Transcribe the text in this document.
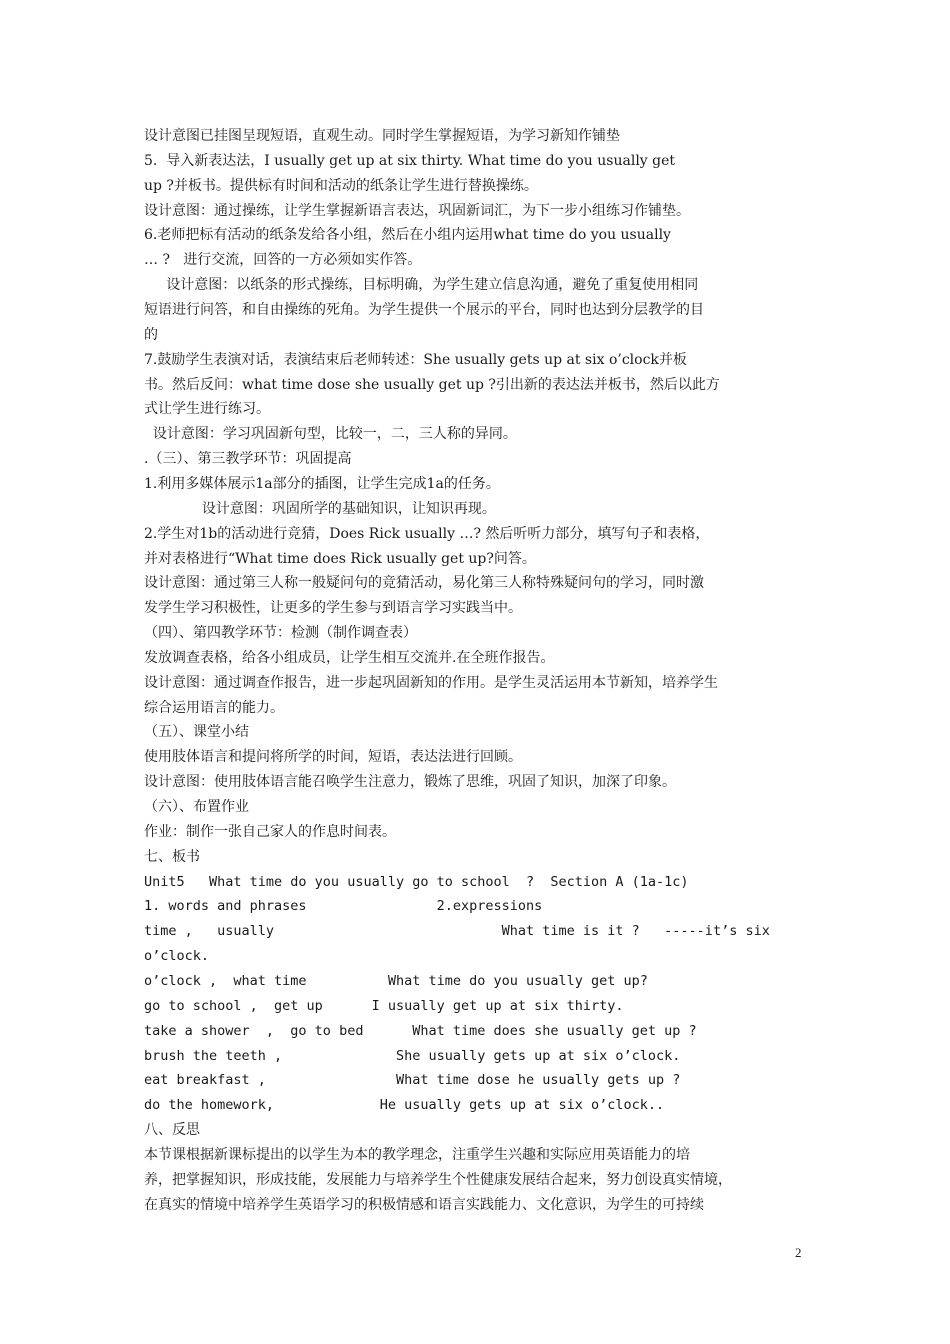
设计意图已挂图呈现短语，直观生动。同时学生掌握短语，为学习新知作铺垫
5.  导入新表达法，I usually get up at six thirty. What time do you usually get
up ?并板书。提供标有时间和活动的纸条让学生进行替换操练。
设计意图：通过操练，让学生掌握新语言表达，巩固新词汇，为下一步小组练习作铺垫。
6.老师把标有活动的纸条发给各小组，然后在小组内运用what time do you usually
… ?   进行交流，回答的一方必须如实作答。
设计意图：以纸条的形式操练，目标明确，为学生建立信息沟通，避免了重复使用相同
短语进行问答，和自由操练的死角。为学生提供一个展示的平台，同时也达到分层教学的目
的
7.鼓励学生表演对话，表演结束后老师转述：She usually gets up at six o’clock并板
书。然后反问：what time dose she usually get up ?引出新的表达法并板书，然后以此方
式让学生进行练习。
设计意图：学习巩固新句型，比较一，二，三人称的异同。
.（三）、第三教学环节：巩固提高
1.利用多媒体展示1a部分的插图，让学生完成1a的任务。
设计意图：巩固所学的基础知识，让知识再现。
2.学生对1b的活动进行竞猜，Does Rick usually …? 然后听听力部分，填写句子和表格，
并对表格进行“What time does Rick usually get up?问答。
设计意图：通过第三人称一般疑问句的竞猜活动，易化第三人称特殊疑问句的学习，同时激
发学生学习积极性，让更多的学生参与到语言学习实践当中。
（四）、第四教学环节：检测（制作调查表）
发放调查表格，给各小组成员，让学生相互交流并.在全班作报告。
设计意图：通过调查作报告，进一步起巩固新知的作用。是学生灵活运用本节新知，培养学生
综合运用语言的能力。
（五）、课堂小结
使用肢体语言和提问将所学的时间，短语，表达法进行回顾。
设计意图：使用肢体语言能召唤学生注意力，锻炼了思维，巩固了知识，加深了印象。
（六）、布置作业
作业：制作一张自己家人的作息时间表。
七、板书
Unit5   What time do you usually go to school  ?  Section A (1a-1c)
1. words and phrases                2.expressions
time ,   usually                            What time is it ?   -----it’s six
o’clock.
o’clock ,  what time          What time do you usually get up?
go to school ,  get up      I usually get up at six thirty.
take a shower  ,  go to bed      What time does she usually get up ?
brush the teeth ,              She usually gets up at six o’clock.
eat breakfast ,                What time dose he usually gets up ?
do the homework,             He usually gets up at six o’clock..
八、反思
本节课根据新课标提出的以学生为本的教学理念，注重学生兴趣和实际应用英语能力的培
养，把掌握知识，形成技能，发展能力与培养学生个性健康发展结合起来，努力创设真实情境，
在真实的情境中培养学生英语学习的积极情感和语言实践能力、文化意识，为学生的可持续
2
